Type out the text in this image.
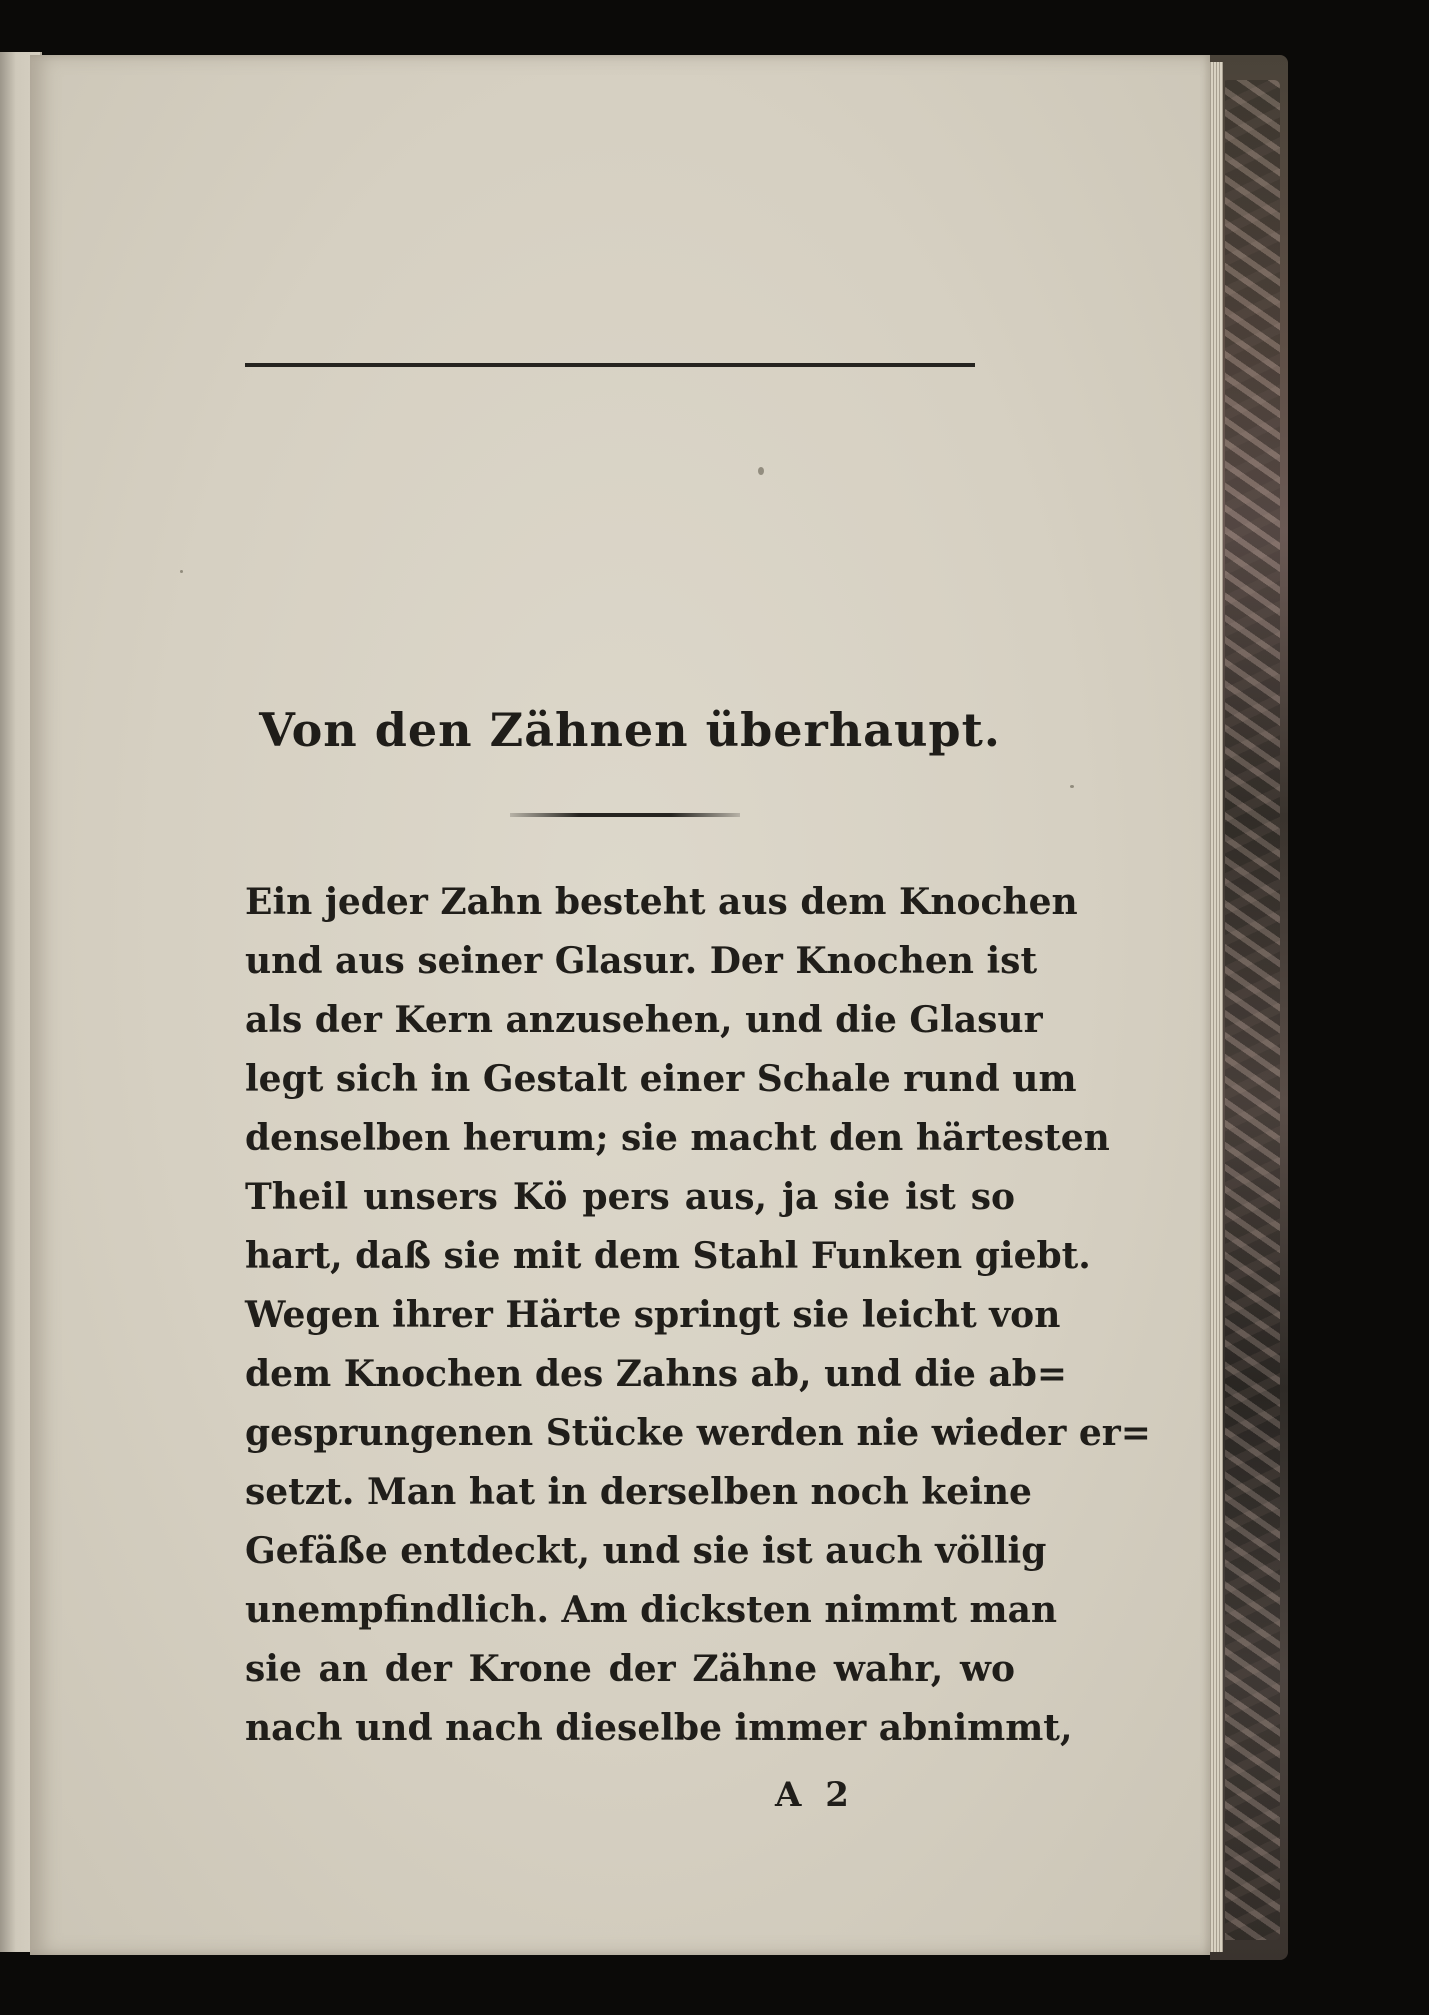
Von den Zähnen überhaupt.
Ein jeder Zahn besteht aus dem Knochen
und aus seiner Glasur. Der Knochen ist
als der Kern anzusehen, und die Glasur
legt sich in Gestalt einer Schale rund um
denselben herum; sie macht den härtesten
Theil unsers Kö pers aus, ja sie ist so
hart, daß sie mit dem Stahl Funken giebt.
Wegen ihrer Härte springt sie leicht von
dem Knochen des Zahns ab, und die ab=
gesprungenen Stücke werden nie wieder er=
setzt. Man hat in derselben noch keine
Gefäße entdeckt, und sie ist auch völlig
unempfindlich. Am dicksten nimmt man
sie an der Krone der Zähne wahr, wo
nach und nach dieselbe immer abnimmt,
A 2
